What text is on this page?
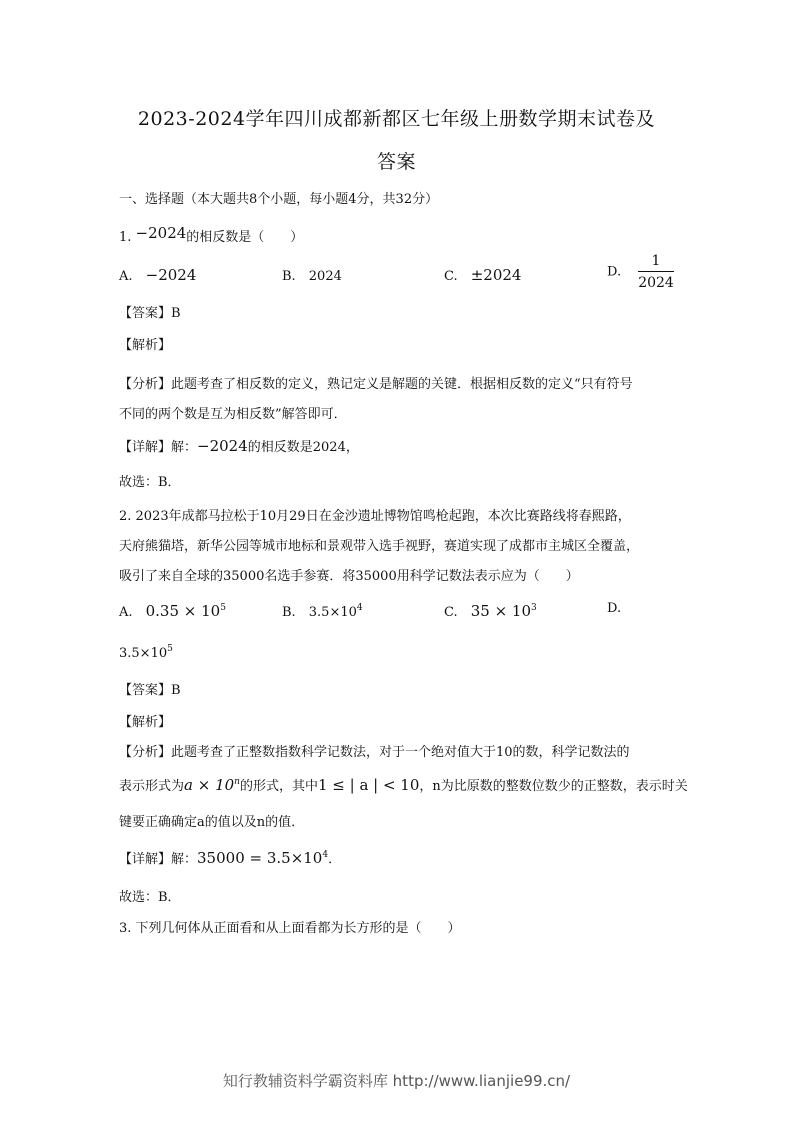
2023-2024学年四川成都新都区七年级上册数学期末试卷及
答案
一、选择题（本大题共8个小题，每小题4分，共32分）
1. −2024的相反数是（　　）
A. −2024	B. 2024	C. ±2024	D. $\frac{1}{2024}$
【答案】B
【解析】
【分析】此题考查了相反数的定义，熟记定义是解题的关键．根据相反数的定义“只有符号
不同的两个数是互为相反数”解答即可．
【详解】解：−2024的相反数是2024，
故选：B．
2. 2023年成都马拉松于10月29日在金沙遗址博物馆鸣枪起跑，本次比赛路线将春熙路，
天府熊猫塔，新华公园等城市地标和景观带入选手视野，赛道实现了成都市主城区全覆盖，
吸引了来自全球的35000名选手参赛．将35000用科学记数法表示应为（　　）
A. $0.35 \times 10^5$	B. $3.5\times 10^4$	C. $35 \times 10^3$	D.
$3.5\times 10^5$
【答案】B
【解析】
【分析】此题考查了正整数指数科学记数法，对于一个绝对值大于10的数，科学记数法的
表示形式为$a \times 10^n$的形式，其中1 ≤ | a | < 10，n为比原数的整数位数少的正整数，表示时关
键要正确确定a的值以及n的值．
【详解】解：$35000 = 3.5\times 10^4$．
故选：B．
3. 下列几何体从正面看和从上面看都为长方形的是（　　）
知行教辅资料学霸资料库 http://www.lianjie99.cn/
